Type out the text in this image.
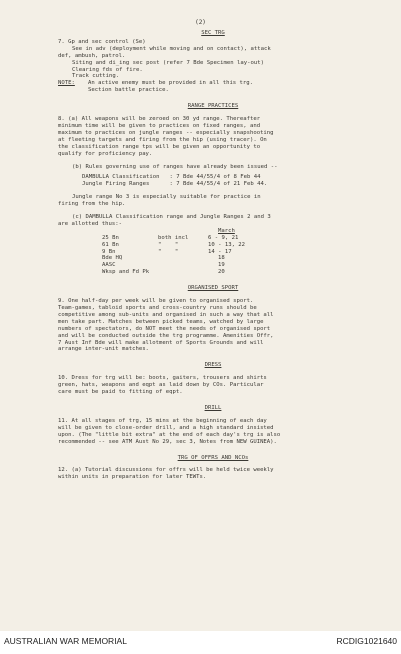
(2)

SEC TRG

7. Gp and sec control (Se)

See in adv (deployment while moving and on contact), attack

def, ambush, patrol.

Siting and di_ing sec post (refer 7 Bde Specimen lay-out)

Clearing fds of fire.

Track cutting.

NOTE:	An active enemy must be provided in all this trg.

Section battle practice.

RANGE PRACTICES

8. (a) All weapons will be zeroed on 30 yd range. Thereafter

minimum time will be given to practices on fixed ranges, and

maximum to practices on jungle ranges -- especially snapshooting

at fleeting targets and firing from the hip (using tracer). On

the classification range tps will be given an opportunity to

qualify for proficiency pay.

(b) Rules governing use of ranges have already been issued --

DAMBULLA Classification   : 7 Bde 44/55/4 of 8 Feb 44

Jungle Firing Ranges      : 7 Bde 44/55/4 of 21 Feb 44.

Jungle range No 3 is especially suitable for practice in

firing from the hip.

(c) DAMBULLA Classification range and Jungle Ranges 2 and 3

are allotted thus:-

		March
25 Bn	both incl	6 - 9, 21
61 Bn	"    "	10 - 13, 22
9 Bn	"    "	14 - 17
Bde HQ		18
AASC		19
Wksp and Fd Pk		20

ORGANISED SPORT

9. One half-day per week will be given to organised sport.

Team-games, tabloid sports and cross-country runs should be

competitive among sub-units and organised in such a way that all

men take part. Matches between picked teams, watched by large

numbers of spectators, do NOT meet the needs of organised sport

and will be conducted outside the trg programme. Amenities Offr,

7 Aust Inf Bde will make allotment of Sports Grounds and will

arrange inter-unit matches.

DRESS

10. Dress for trg will be: boots, gaiters, trousers and shirts

green, hats, weapons and eqpt as laid down by COs. Particular

care must be paid to fitting of eqpt.

DRILL

11. At all stages of trg, 15 mins at the beginning of each day

will be given to close-order drill, and a high standard insisted

upon. (The "little bit extra" at the end of each day's trg is also

recommended -- see ATM Aust No 29, sec 3, Notes from NEW GUINEA).

TRG OF OFFRS AND NCOs

12. (a) Tutorial discussions for offrs will be held twice weekly

within units in preparation for later TEWTs.

AUSTRALIAN WAR MEMORIAL	RCDIG1021640
